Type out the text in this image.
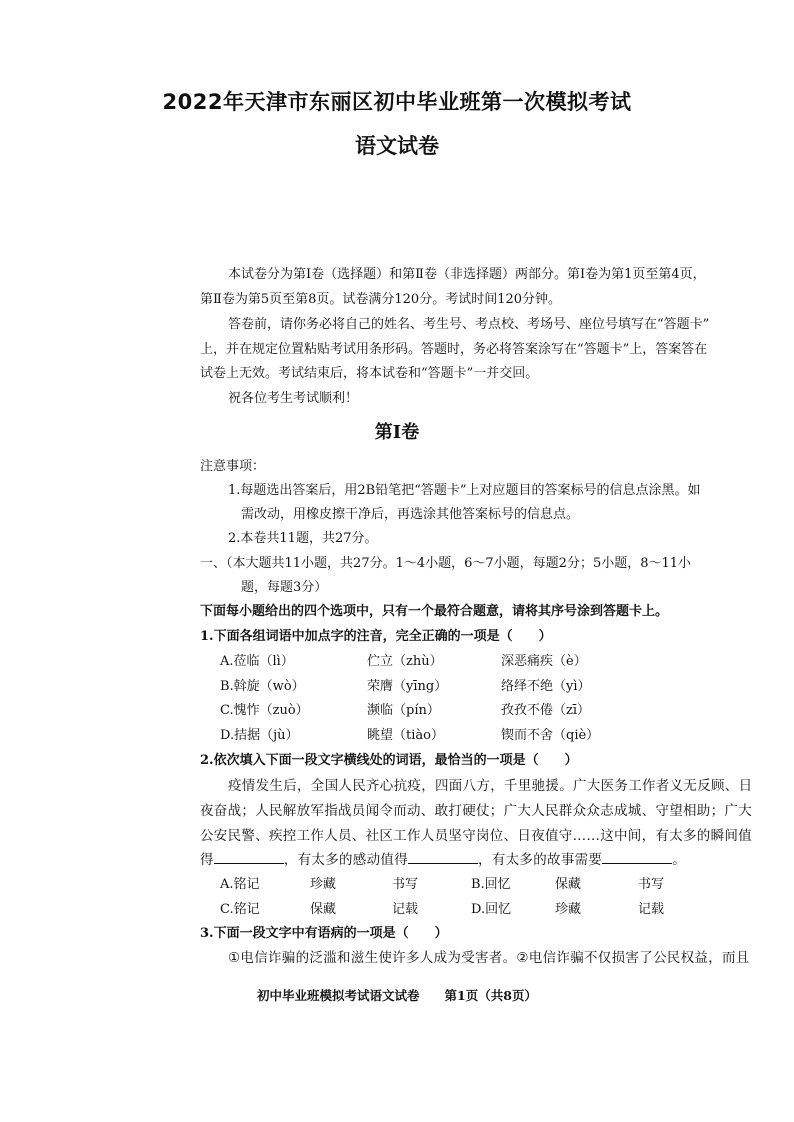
2022年天津市东丽区初中毕业班第一次模拟考试
语文试卷
本试卷分为第Ⅰ卷（选择题）和第Ⅱ卷（非选择题）两部分。第Ⅰ卷为第1页至第4页，
第Ⅱ卷为第5页至第8页。试卷满分120分。考试时间120分钟。
答卷前，请你务必将自己的姓名、考生号、考点校、考场号、座位号填写在“答题卡”
上，并在规定位置粘贴考试用条形码。答题时，务必将答案涂写在“答题卡”上，答案答在
试卷上无效。考试结束后，将本试卷和“答题卡”一并交回。
祝各位考生考试顺利！
第Ⅰ卷
注意事项：
1.每题选出答案后，用2B铅笔把“答题卡”上对应题目的答案标号的信息点涂黑。如
需改动，用橡皮擦干净后，再选涂其他答案标号的信息点。
2.本卷共11题，共27分。
一、（本大题共11小题，共27分。1～4小题，6～7小题，每题2分；5小题，8～11小
题，每题3分）
下面每小题给出的四个选项中，只有一个最符合题意，请将其序号涂到答题卡上。
1.下面各组词语中加点字的注音，完全正确的一项是（　　）
A.莅临（lì）	伫立（zhù）	深恶痛疾（è）
B.斡旋（wò）	荣膺（yīng）	络绎不绝（yì）
C.愧怍（zuò）	濒临（pín）	孜孜不倦（zī）
D.拮据（jù）	眺望（tiào）	锲而不舍（qiè）
2.依次填入下面一段文字横线处的词语，最恰当的一项是（　　）
疫情发生后，全国人民齐心抗疫，四面八方，千里驰援。广大医务工作者义无反顾、日
夜奋战；人民解放军指战员闻令而动、敢打硬仗；广大人民群众众志成城、守望相助；广大
公安民警、疾控工作人员、社区工作人员坚守岗位、日夜值守……这中间，有太多的瞬间值
得	，有太多的感动值得	，有太多的故事需要	。
A.铭记	珍藏	书写	B.回忆	保藏	书写
C.铭记	保藏	记载	D.回忆	珍藏	记载
3.下面一段文字中有语病的一项是（　　）
①电信诈骗的泛滥和滋生使许多人成为受害者。②电信诈骗不仅损害了公民权益，而且
初中毕业班模拟考试语文试卷　　第1页（共8页）
